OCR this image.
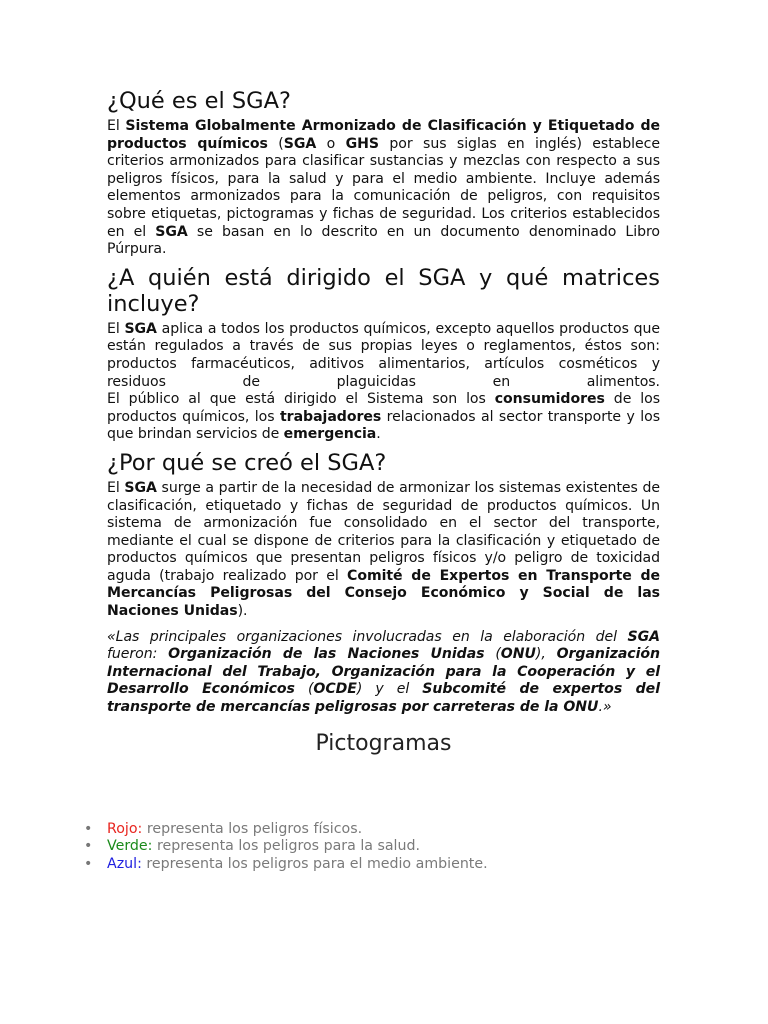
¿Qué es el SGA?

El Sistema Globalmente Armonizado de Clasificación y Etiquetado de productos químicos (SGA o GHS por sus siglas en inglés) establece criterios armonizados para clasificar sustancias y mezclas con respecto a sus peligros físicos, para la salud y para el medio ambiente. Incluye además elementos armonizados para la comunicación de peligros, con requisitos sobre etiquetas, pictogramas y fichas de seguridad. Los criterios establecidos en el SGA se basan en lo descrito en un documento denominado Libro Púrpura.

¿A quién está dirigido el SGA y qué matrices incluye?

El SGA aplica a todos los productos químicos, excepto aquellos productos que están regulados a través de sus propias leyes o reglamentos, éstos son: productos farmacéuticos, aditivos alimentarios, artículos cosméticos y residuos de plaguicidas en alimentos.

El público al que está dirigido el Sistema son los consumidores de los productos químicos, los trabajadores relacionados al sector transporte y los que brindan servicios de emergencia.

¿Por qué se creó el SGA?

El SGA surge a partir de la necesidad de armonizar los sistemas existentes de clasificación, etiquetado y fichas de seguridad de productos químicos. Un sistema de armonización fue consolidado en el sector del transporte, mediante el cual se dispone de criterios para la clasificación y etiquetado de productos químicos que presentan peligros físicos y/o peligro de toxicidad aguda (trabajo realizado por el Comité de Expertos en Transporte de Mercancías Peligrosas del Consejo Económico y Social de las Naciones Unidas).

«Las principales organizaciones involucradas en la elaboración del SGA fueron: Organización de las Naciones Unidas (ONU), Organización Internacional del Trabajo, Organización para la Cooperación y el Desarrollo Económicos (OCDE) y el Subcomité de expertos del transporte de mercancías peligrosas por carreteras de la ONU.»

Pictogramas
• Rojo: representa los peligros físicos.
• Verde: representa los peligros para la salud.
• Azul: representa los peligros para el medio ambiente.
